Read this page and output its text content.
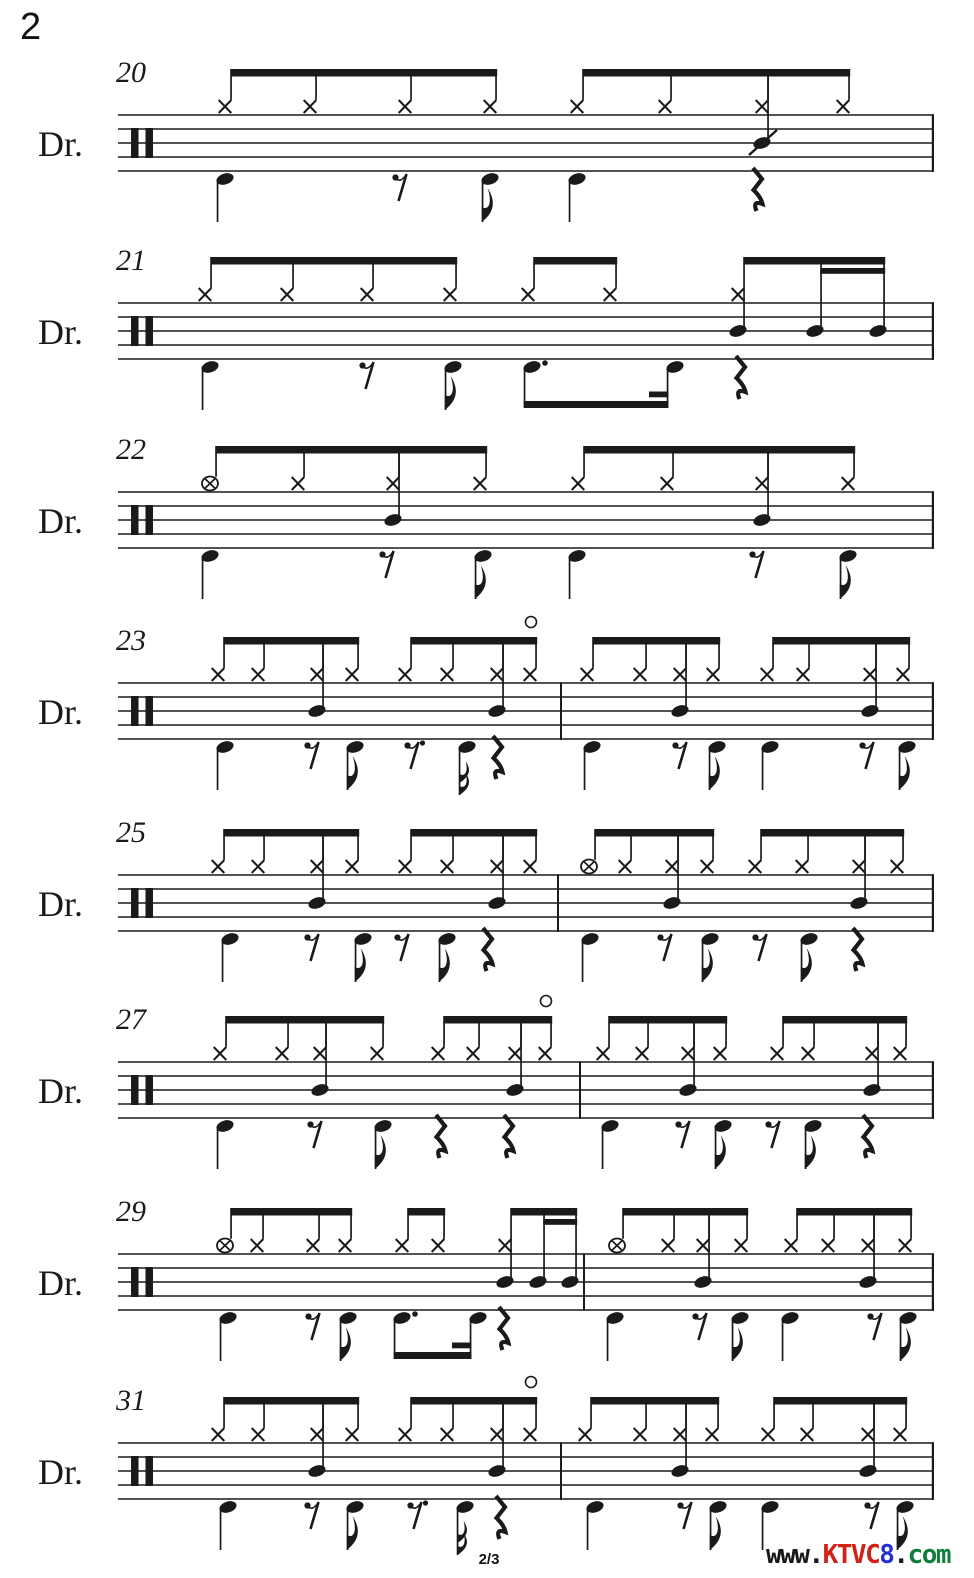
2
Dr.
20
Dr.
21
Dr.
22
Dr.
23
Dr.
25
Dr.
27
Dr.
29
Dr.
31
2/3	www.KTVC8.com
